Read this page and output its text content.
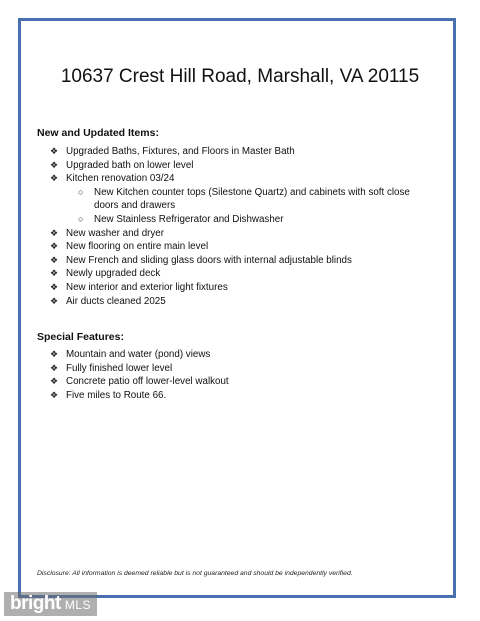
10637 Crest Hill Road, Marshall, VA 20115
New and Updated Items:
❖ Upgraded Baths, Fixtures, and Floors in Master Bath
❖ Upgraded bath on lower level
❖ Kitchen renovation 03/24
○ New Kitchen counter tops (Silestone Quartz) and cabinets with soft close doors and drawers
○ New Stainless Refrigerator and Dishwasher
❖ New washer and dryer
❖ New flooring on entire main level
❖ New French and sliding glass doors with internal adjustable blinds
❖ Newly upgraded deck
❖ New interior and exterior light fixtures
❖ Air ducts cleaned 2025
Special Features:
❖ Mountain and water (pond) views
❖ Fully finished lower level
❖ Concrete patio off lower-level walkout
❖ Five miles to Route 66.
Disclosure: All information is deemed reliable but is not guaranteed and should be independently verified.
bright MLS
